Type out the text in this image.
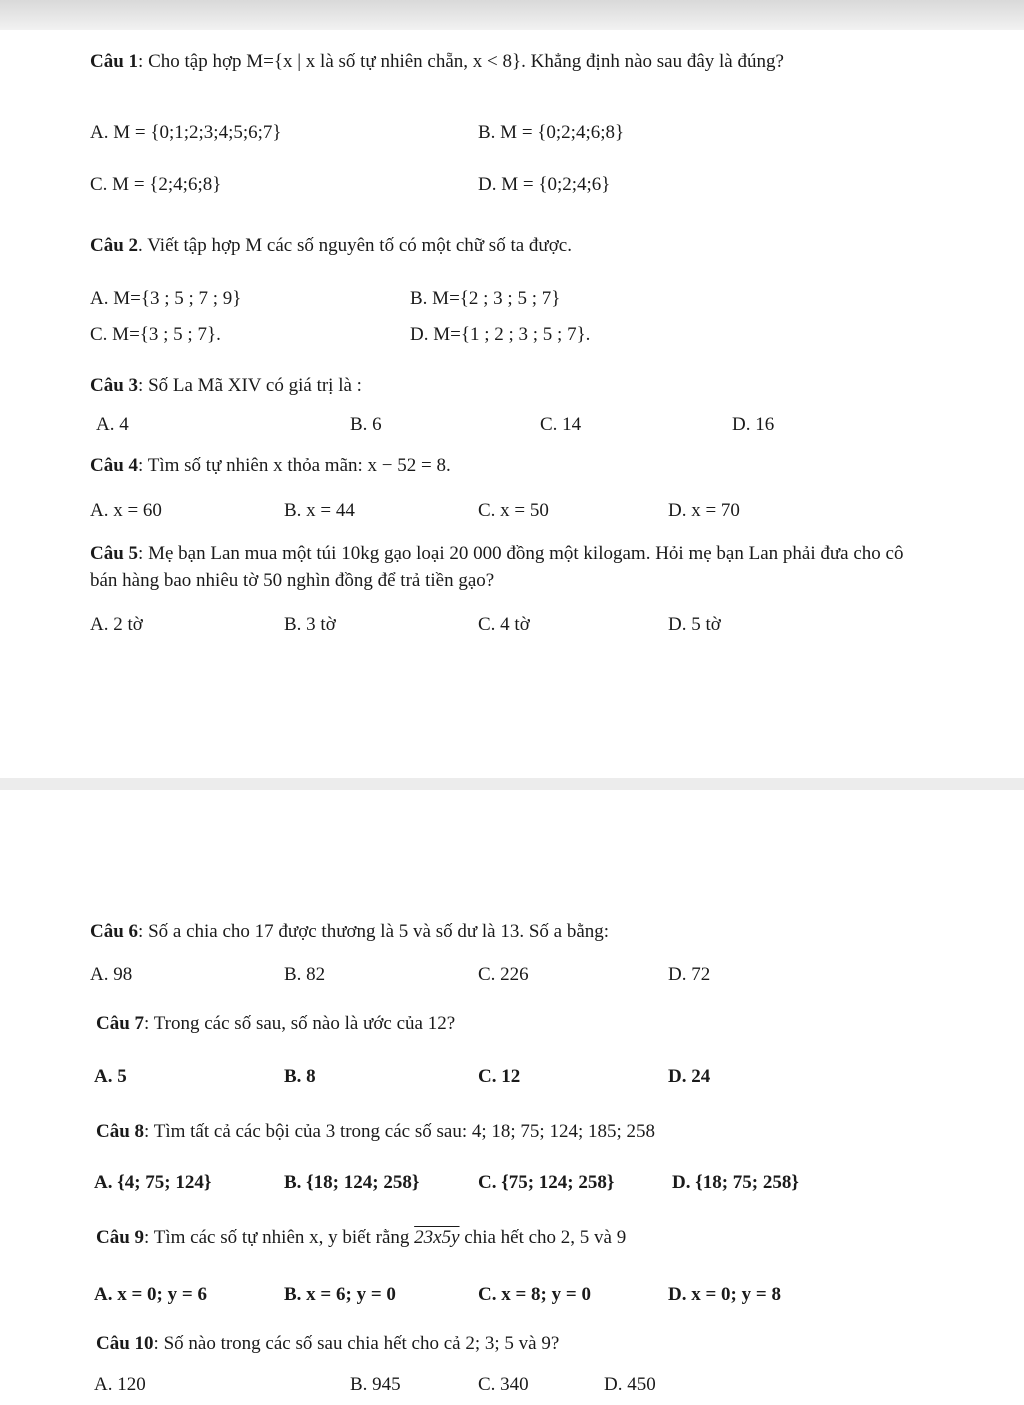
Câu 1: Cho tập hợp M={x | x là số tự nhiên chẵn, x < 8}. Khẳng định nào sau đây là đúng?
A. M = {0;1;2;3;4;5;6;7}	B. M = {0;2;4;6;8}
C. M = {2;4;6;8}	D. M = {0;2;4;6}
Câu 2. Viết tập hợp M các số nguyên tố có một chữ số ta được.
A. M={3 ; 5 ; 7 ; 9}	B. M={2 ; 3 ; 5 ; 7}
C. M={3 ; 5 ; 7}.	D. M={1 ; 2 ; 3 ; 5 ; 7}.
Câu 3: Số La Mã XIV có giá trị là :
A. 4	B. 6	C. 14	D. 16
Câu 4: Tìm số tự nhiên x thỏa mãn: x − 52 = 8.
A. x = 60	B. x = 44	C. x = 50	D. x = 70
Câu 5: Mẹ bạn Lan mua một túi 10kg gạo loại 20 000 đồng một kilogam. Hỏi mẹ bạn Lan phải đưa cho cô bán hàng bao nhiêu tờ 50 nghìn đồng để trả tiền gạo?
A. 2 tờ	B. 3 tờ	C. 4 tờ	D. 5 tờ
Câu 6: Số a chia cho 17 được thương là 5 và số dư là 13. Số a bằng:
A. 98	B. 82	C. 226	D. 72
Câu 7: Trong các số sau, số nào là ước của 12?
A. 5	B. 8	C. 12	D. 24
Câu 8: Tìm tất cả các bội của 3 trong các số sau: 4; 18; 75; 124; 185; 258
A. {4; 75; 124}	B. {18; 124; 258}	C. {75; 124; 258}	D. {18; 75; 258}
Câu 9: Tìm các số tự nhiên x, y biết rằng 23x5y chia hết cho 2, 5 và 9
A. x = 0; y = 6	B. x = 6; y = 0	C. x = 8; y = 0	D. x = 0; y = 8
Câu 10: Số nào trong các số sau chia hết cho cả 2; 3; 5 và 9?
A. 120	B. 945	C. 340	D. 450
